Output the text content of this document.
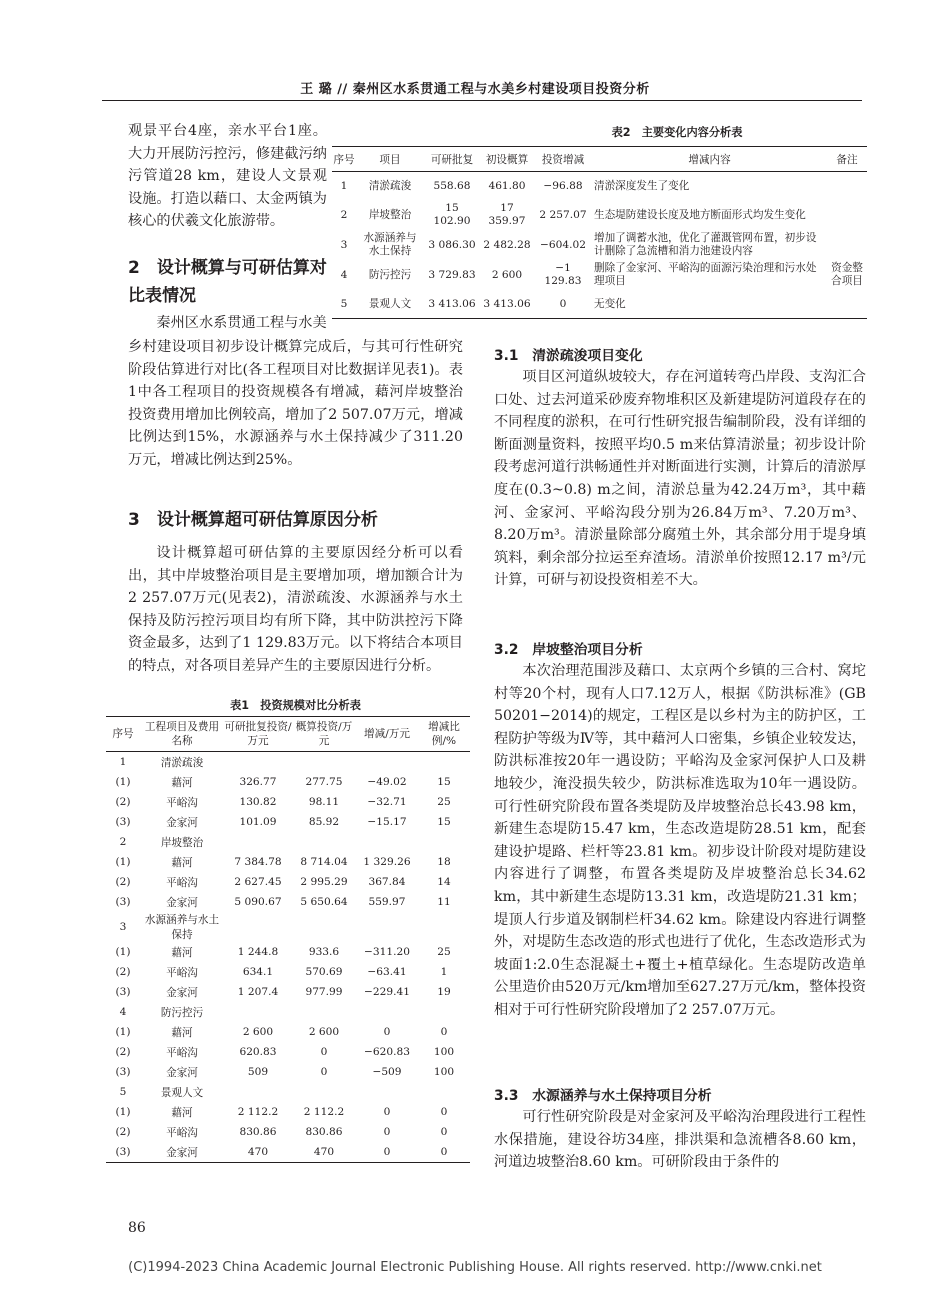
王 璐 // 秦州区水系贯通工程与水美乡村建设项目投资分析

观景平台4座，亲水平台1座。大力开展防污控污，修建截污纳污管道28 km，建设人文景观设施。打造以藉口、太金两镇为核心的伏羲文化旅游带。

2　设计概算与可研估算对比表情况

秦州区水系贯通工程与水美

乡村建设项目初步设计概算完成后，与其可行性研究阶段估算进行对比(各工程项目对比数据详见表1)。表1中各工程项目的投资规模各有增减，藉河岸坡整治投资费用增加比例较高，增加了2 507.07万元，增减比例达到15%，水源涵养与水土保持减少了311.20万元，增减比例达到25%。

3　设计概算超可研估算原因分析

设计概算超可研估算的主要原因经分析可以看出，其中岸坡整治项目是主要增加项，增加额合计为2 257.07万元(见表2)，清淤疏浚、水源涵养与水土保持及防污控污项目均有所下降，其中防洪控污下降资金最多，达到了1 129.83万元。以下将结合本项目的特点，对各项目差异产生的主要原因进行分析。

表1　投资规模对比分析表
序号	工程项目及费用名称	可研批复投资/万元	概算投资/万元	增减/万元	增减比例/%
1	清淤疏浚				
(1)	藉河	326.77	277.75	−49.02	15
(2)	平峪沟	130.82	98.11	−32.71	25
(3)	金家河	101.09	85.92	−15.17	15
2	岸坡整治				
(1)	藉河	7 384.78	8 714.04	1 329.26	18
(2)	平峪沟	2 627.45	2 995.29	367.84	14
(3)	金家河	5 090.67	5 650.64	559.97	11
3	水源涵养与水土保持				
(1)	藉河	1 244.8	933.6	−311.20	25
(2)	平峪沟	634.1	570.69	−63.41	1
(3)	金家河	1 207.4	977.99	−229.41	19
4	防污控污				
(1)	藉河	2 600	2 600	0	0
(2)	平峪沟	620.83	0	−620.83	100
(3)	金家河	509	0	−509	100
5	景观人文				
(1)	藉河	2 112.2	2 112.2	0	0
(2)	平峪沟	830.86	830.86	0	0
(3)	金家河	470	470	0	0
表2　主要变化内容分析表
序号	项目	可研批复	初设概算	投资增减	增减内容	备注
1	清淤疏浚	558.68	461.80	−96.88	清淤深度发生了变化	
2	岸坡整治	15 102.90	17 359.97	2 257.07	生态堤防建设长度及地方断面形式均发生变化	
3	水源涵养与水土保持	3 086.30	2 482.28	−604.02	增加了调蓄水池，优化了灌溉管网布置，初步设计删除了急流槽和消力池建设内容	
4	防污控污	3 729.83	2 600	−1 129.83	删除了金家河、平峪沟的面源污染治理和污水处理项目	资金整合项目
5	景观人文	3 413.06	3 413.06	0	无变化	
3.1　清淤疏浚项目变化

项目区河道纵坡较大，存在河道转弯凸岸段、支沟汇合口处、过去河道采砂废弃物堆积区及新建堤防河道段存在的不同程度的淤积，在可行性研究报告编制阶段，没有详细的断面测量资料，按照平均0.5 m来估算清淤量；初步设计阶段考虑河道行洪畅通性并对断面进行实测，计算后的清淤厚度在(0.3~0.8) m之间，清淤总量为42.24万m³，其中藉河、金家河、平峪沟段分别为26.84万m³、7.20万m³、8.20万m³。清淤量除部分腐殖土外，其余部分用于堤身填筑料，剩余部分拉运至弃渣场。清淤单价按照12.17 m³/元计算，可研与初设投资相差不大。

3.2　岸坡整治项目分析

本次治理范围涉及藉口、太京两个乡镇的三合村、窝坨村等20个村，现有人口7.12万人，根据《防洪标准》(GB 50201−2014)的规定，工程区是以乡村为主的防护区，工程防护等级为Ⅳ等，其中藉河人口密集，乡镇企业较发达，防洪标准按20年一遇设防；平峪沟及金家河保护人口及耕地较少，淹没损失较少，防洪标准选取为10年一遇设防。可行性研究阶段布置各类堤防及岸坡整治总长43.98 km，新建生态堤防15.47 km，生态改造堤防28.51 km，配套建设护堤路、栏杆等23.81 km。初步设计阶段对堤防建设内容进行了调整，布置各类堤防及岸坡整治总长34.62 km，其中新建生态堤防13.31 km，改造堤防21.31 km；堤顶人行步道及钢制栏杆34.62 km。除建设内容进行调整外，对堤防生态改造的形式也进行了优化，生态改造形式为坡面1:2.0生态混凝土+覆土+植草绿化。生态堤防改造单公里造价由520万元/km增加至627.27万元/km，整体投资相对于可行性研究阶段增加了2 257.07万元。

3.3　水源涵养与水土保持项目分析

可行性研究阶段是对金家河及平峪沟治理段进行工程性水保措施，建设谷坊34座，排洪渠和急流槽各8.60 km，河道边坡整治8.60 km。可研阶段由于条件的

86
(C)1994-2023 China Academic Journal Electronic Publishing House. All rights reserved. http://www.cnki.net
